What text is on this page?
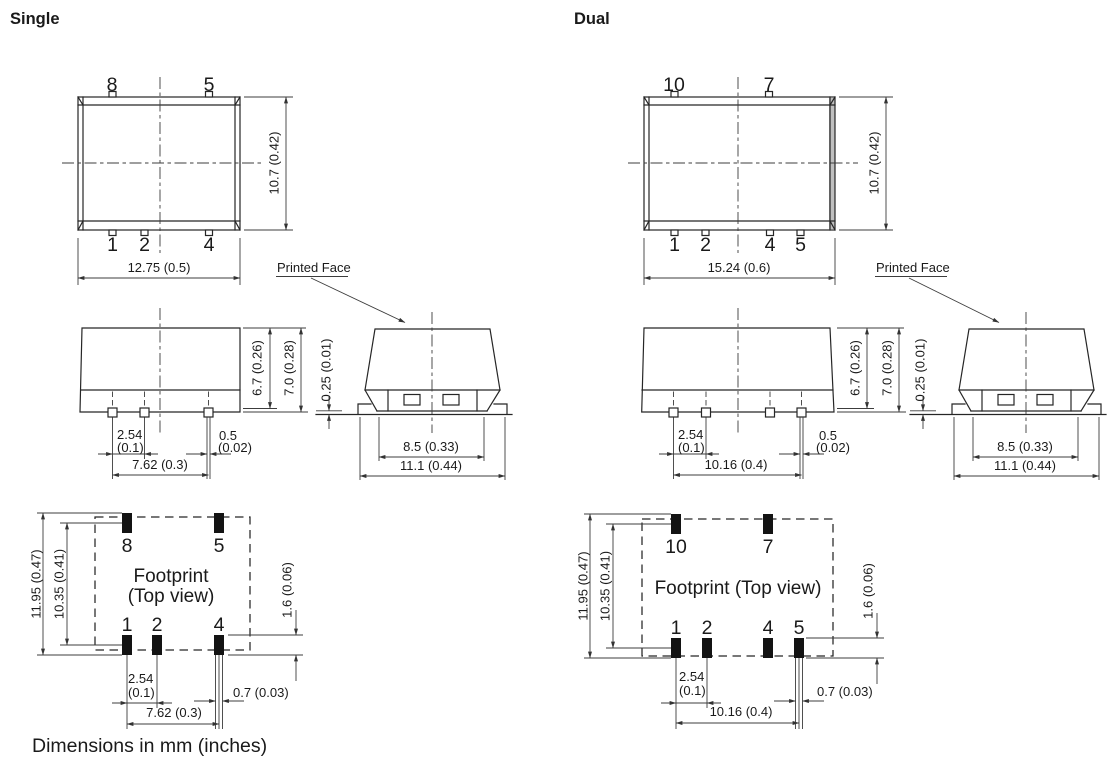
Single	Dual
8	5
1 2	4
10.7 (0.42)
12.75 (0.5)
6.7 (0.26) 7.0 (0.28)
2.54
(0.1)
0.5
(0.02)
7.62 (0.3)
Printed Face
0.25 (0.01)
8.5 (0.33)
11.1 (0.44)
8	5
1 2	4
Footprint
(Top view)
11.95 (0.47) 10.35 (0.41)	1.6 (0.06)
2.54
(0.1)	0.7 (0.03)
7.62 (0.3)
10	7
1 2	4 5
10.7 (0.42)
15.24 (0.6)
6.7 (0.26) 7.0 (0.28)
2.54
(0.1)
0.5
(0.02)
10.16 (0.4)
Printed Face
0.25 (0.01)
8.5 (0.33)
11.1 (0.44)
10	7
1 2	4 5
Footprint (Top view)
11.95 (0.47) 10.35 (0.41)	1.6 (0.06)
2.54
(0.1)	0.7 (0.03)
10.16 (0.4)
Dimensions in mm (inches)
